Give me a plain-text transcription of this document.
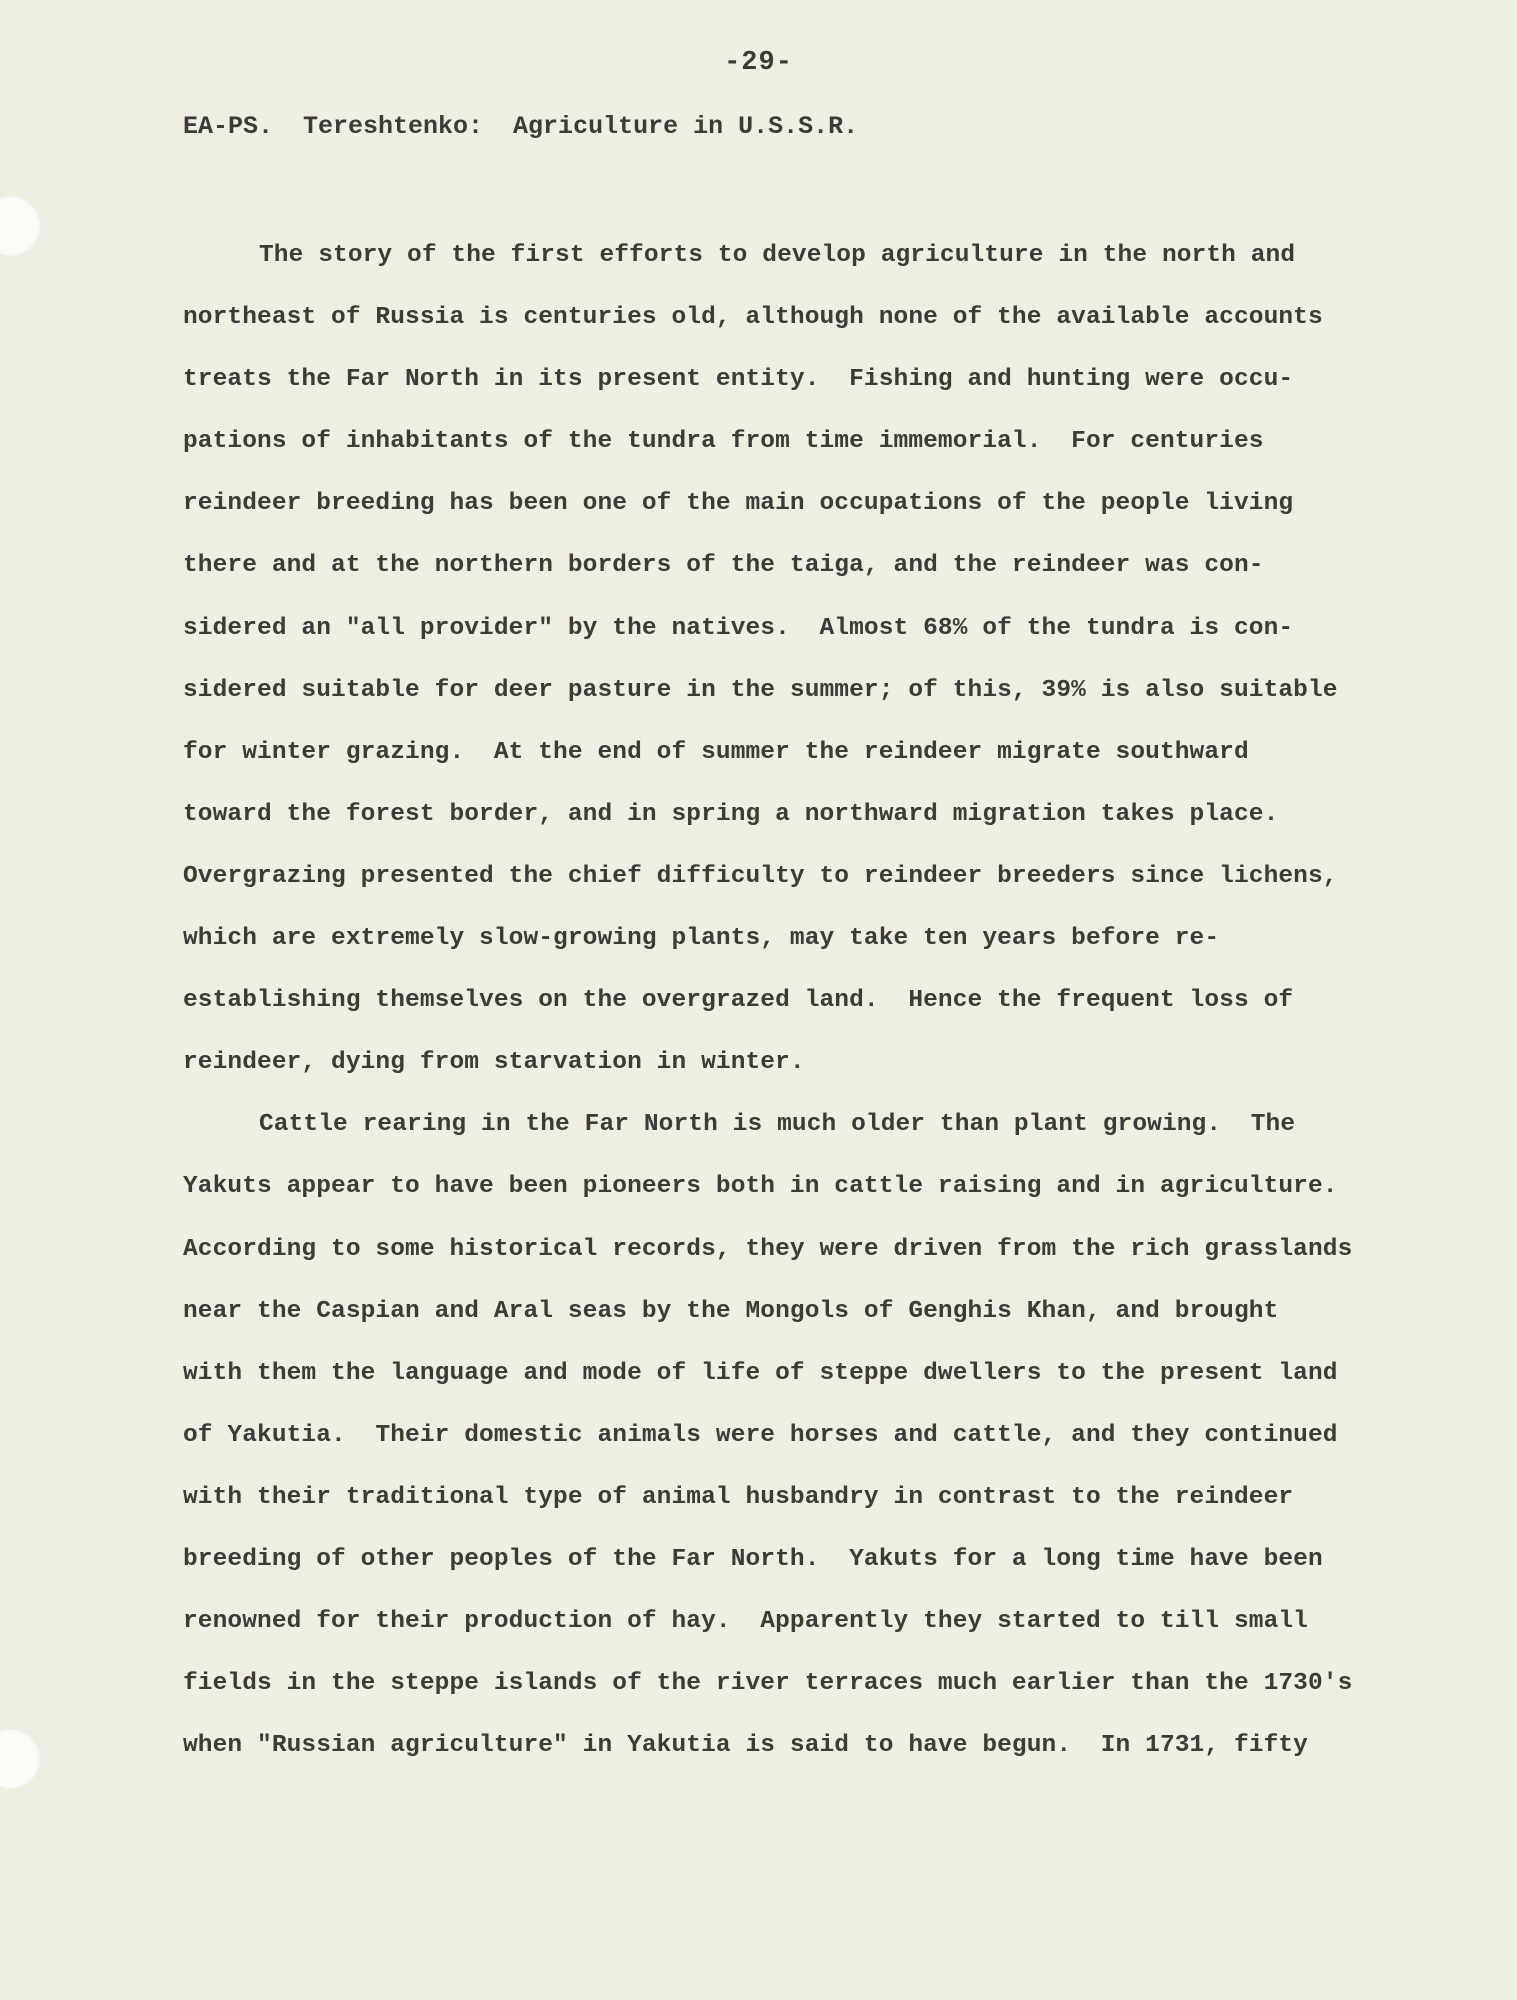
-29-
EA-PS.  Tereshtenko:  Agriculture in U.S.S.R.
The story of the first efforts to develop agriculture in the north and
northeast of Russia is centuries old, although none of the available accounts
treats the Far North in its present entity.  Fishing and hunting were occu-
pations of inhabitants of the tundra from time immemorial.  For centuries
reindeer breeding has been one of the main occupations of the people living
there and at the northern borders of the taiga, and the reindeer was con-
sidered an "all provider" by the natives.  Almost 68% of the tundra is con-
sidered suitable for deer pasture in the summer; of this, 39% is also suitable
for winter grazing.  At the end of summer the reindeer migrate southward
toward the forest border, and in spring a northward migration takes place.
Overgrazing presented the chief difficulty to reindeer breeders since lichens,
which are extremely slow-growing plants, may take ten years before re-
establishing themselves on the overgrazed land.  Hence the frequent loss of
reindeer, dying from starvation in winter.
Cattle rearing in the Far North is much older than plant growing.  The
Yakuts appear to have been pioneers both in cattle raising and in agriculture.
According to some historical records, they were driven from the rich grasslands
near the Caspian and Aral seas by the Mongols of Genghis Khan, and brought
with them the language and mode of life of steppe dwellers to the present land
of Yakutia.  Their domestic animals were horses and cattle, and they continued
with their traditional type of animal husbandry in contrast to the reindeer
breeding of other peoples of the Far North.  Yakuts for a long time have been
renowned for their production of hay.  Apparently they started to till small
fields in the steppe islands of the river terraces much earlier than the 1730's
when "Russian agriculture" in Yakutia is said to have begun.  In 1731, fifty
